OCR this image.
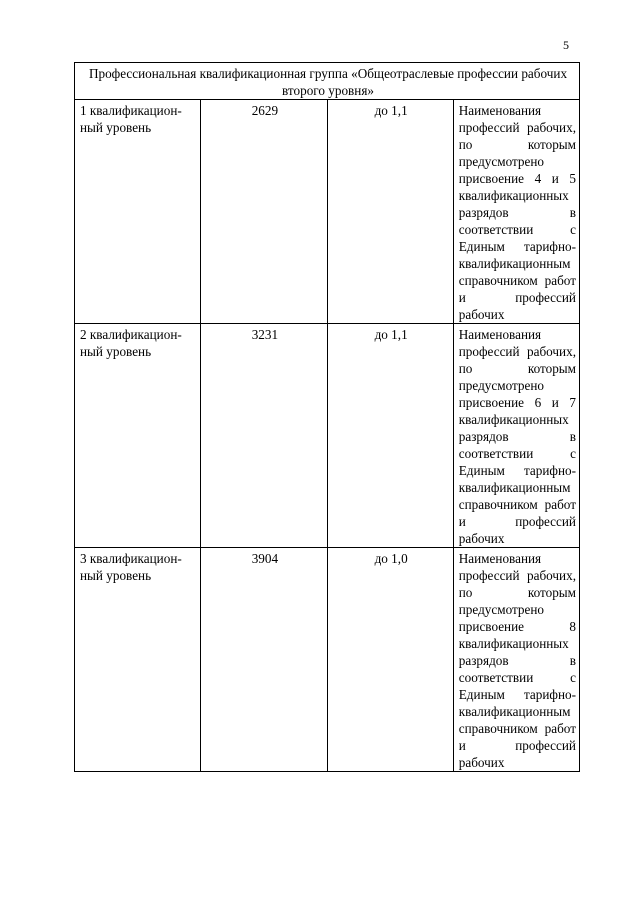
5
Профессиональная квалификационная группа «Общеотраслевые профессии рабочих второго уровня»			

1 квалификацион-
ный уровень	2629	до 1,1	Наименования профессий рабочих, по которым предусмотрено присвоение 4 и 5 квалификационных разрядов в соответствии с Единым тарифно-квалификационным справочником работ и профессий рабочих

2 квалификацион-
ный уровень	3231	до 1,1	Наименования профессий рабочих, по которым предусмотрено присвоение 6 и 7 квалификационных разрядов в соответствии с Единым тарифно-квалификационным справочником работ и профессий рабочих

3 квалификацион-
ный уровень	3904	до 1,0	Наименования профессий рабочих, по которым предусмотрено присвоение 8 квалификационных разрядов в соответствии с Единым тарифно-квалификационным справочником работ и профессий рабочих
